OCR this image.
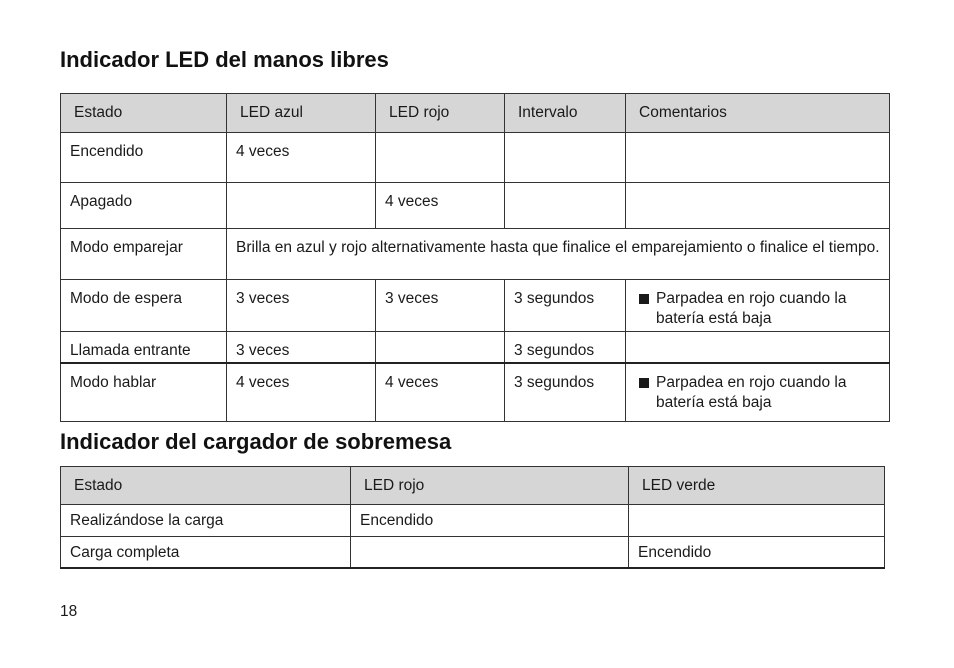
Indicador LED del manos libres
Estado	LED azul	LED rojo	Intervalo	Comentarios
Encendido	4 veces			
Apagado		4 veces		
Modo emparejar	Brilla en azul y rojo alternativamente hasta que finalice el emparejamiento o finalice el tiempo.			
Modo de espera	3 veces	3 veces	3 segundos	Parpadea en rojo cuando la batería está baja

Llamada entrante	3 veces		3 segundos	
Modo hablar	4 veces	4 veces	3 segundos	Parpadea en rojo cuando la batería está baja
Indicador del cargador de sobremesa
Estado	LED rojo	LED verde
Realizándose la carga	Encendido	
Carga completa		Encendido

18
